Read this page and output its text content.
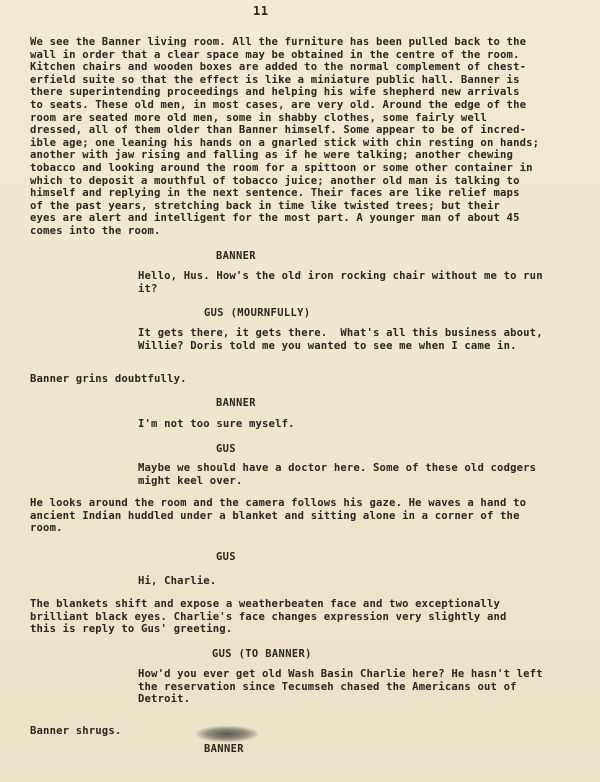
11

We see the Banner living room. All the furniture has been pulled back to the
wall in order that a clear space may be obtained in the centre of the room.
Kitchen chairs and wooden boxes are added to the normal complement of chest-
erfield suite so that the effect is like a miniature public hall. Banner is
there superintending proceedings and helping his wife shepherd new arrivals
to seats. These old men, in most cases, are very old. Around the edge of the
room are seated more old men, some in shabby clothes, some fairly well
dressed, all of them older than Banner himself. Some appear to be of incred-
ible age; one leaning his hands on a gnarled stick with chin resting on hands;
another with jaw rising and falling as if he were talking; another chewing
tobacco and looking around the room for a spittoon or some other container in
which to deposit a mouthful of tobacco juice; another old man is talking to
himself and replying in the next sentence. Their faces are like relief maps
of the past years, stretching back in time like twisted trees; but their
eyes are alert and intelligent for the most part. A younger man of about 45
comes into the room.

BANNER

Hello, Hus. How's the old iron rocking chair without me to run
it?

GUS (MOURNFULLY)

It gets there, it gets there.  What's all this business about,
Willie? Doris told me you wanted to see me when I came in.

Banner grins doubtfully.

BANNER

I'm not too sure myself.

GUS

Maybe we should have a doctor here. Some of these old codgers
might keel over.

He looks around the room and the camera follows his gaze. He waves a hand to
ancient Indian huddled under a blanket and sitting alone in a corner of the
room.

GUS

Hi, Charlie.

The blankets shift and expose a weatherbeaten face and two exceptionally
brilliant black eyes. Charlie's face changes expression very slightly and
this is reply to Gus' greeting.

GUS (TO BANNER)

How'd you ever get old Wash Basin Charlie here? He hasn't left
the reservation since Tecumseh chased the Americans out of
Detroit.

Banner shrugs.

BANNER
